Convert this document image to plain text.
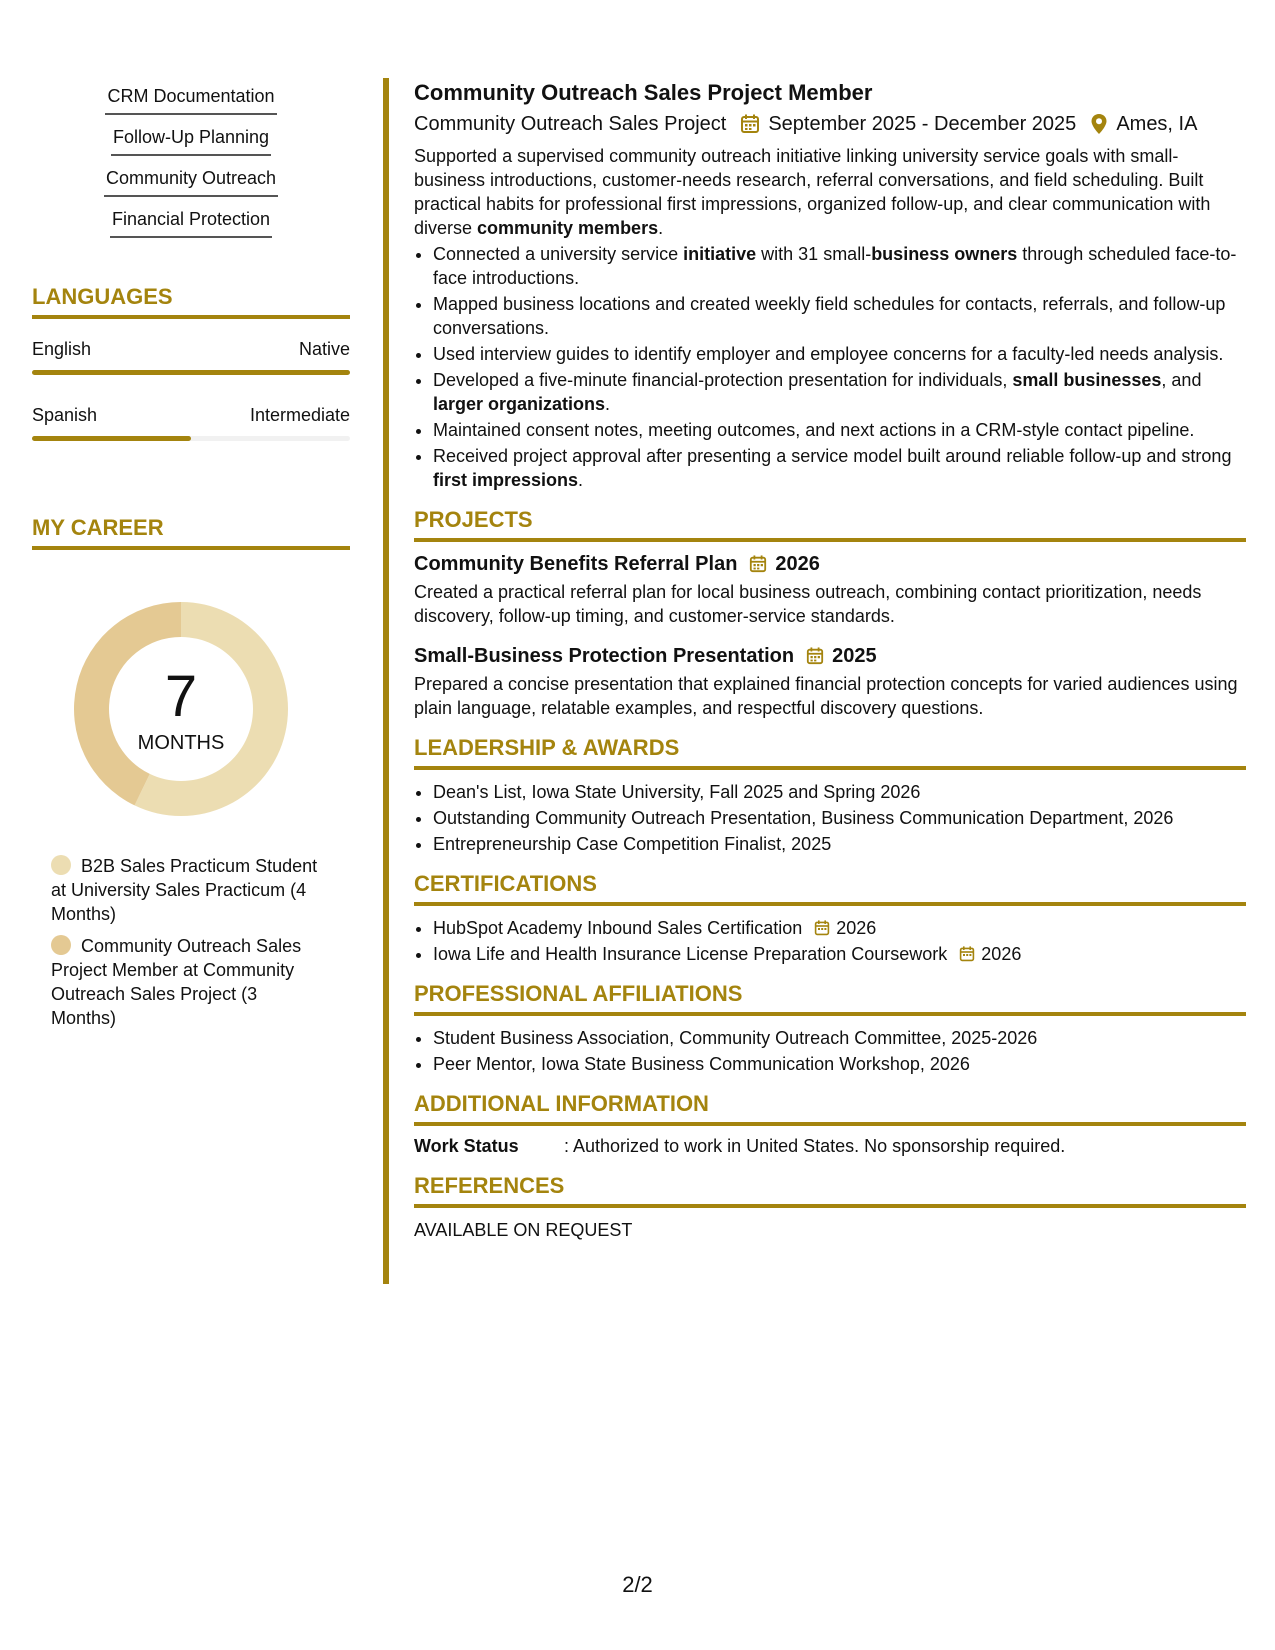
CRM Documentation
Follow-Up Planning
Community Outreach
Financial Protection
LANGUAGES
English	Native
Spanish	Intermediate
MY CAREER
7
MONTHS
B2B Sales Practicum Student at University Sales Practicum (4 Months)
Community Outreach Sales Project Member at Community Outreach Sales Project (3 Months)
Community Outreach Sales Project Member
Community Outreach Sales Project September 2025 - December 2025 Ames, IA

Supported a supervised community outreach initiative linking university service goals with small-business introductions, customer-needs research, referral conversations, and field scheduling. Built practical habits for professional first impressions, organized follow-up, and clear communication with diverse community members.

• Connected a university service initiative with 31 small-business owners through scheduled face-to-face introductions.
• Mapped business locations and created weekly field schedules for contacts, referrals, and follow-up conversations.
• Used interview guides to identify employer and employee concerns for a faculty-led needs analysis.
• Developed a five-minute financial-protection presentation for individuals, small businesses, and larger organizations.
• Maintained consent notes, meeting outcomes, and next actions in a CRM-style contact pipeline.
• Received project approval after presenting a service model built around reliable follow-up and strong first impressions.
PROJECTS
Community Benefits Referral Plan 2026

Created a practical referral plan for local business outreach, combining contact prioritization, needs discovery, follow-up timing, and customer-service standards.

Small-Business Protection Presentation 2025

Prepared a concise presentation that explained financial protection concepts for varied audiences using plain language, relatable examples, and respectful discovery questions.

LEADERSHIP & AWARDS
• Dean's List, Iowa State University, Fall 2025 and Spring 2026
• Outstanding Community Outreach Presentation, Business Communication Department, 2026
• Entrepreneurship Case Competition Finalist, 2025
CERTIFICATIONS
• HubSpot Academy Inbound Sales Certification 2026
• Iowa Life and Health Insurance License Preparation Coursework 2026
PROFESSIONAL AFFILIATIONS
• Student Business Association, Community Outreach Committee, 2025-2026
• Peer Mentor, Iowa State Business Communication Workshop, 2026
ADDITIONAL INFORMATION
Work Status	: Authorized to work in United States. No sponsorship required.
REFERENCES
AVAILABLE ON REQUEST
2/2
